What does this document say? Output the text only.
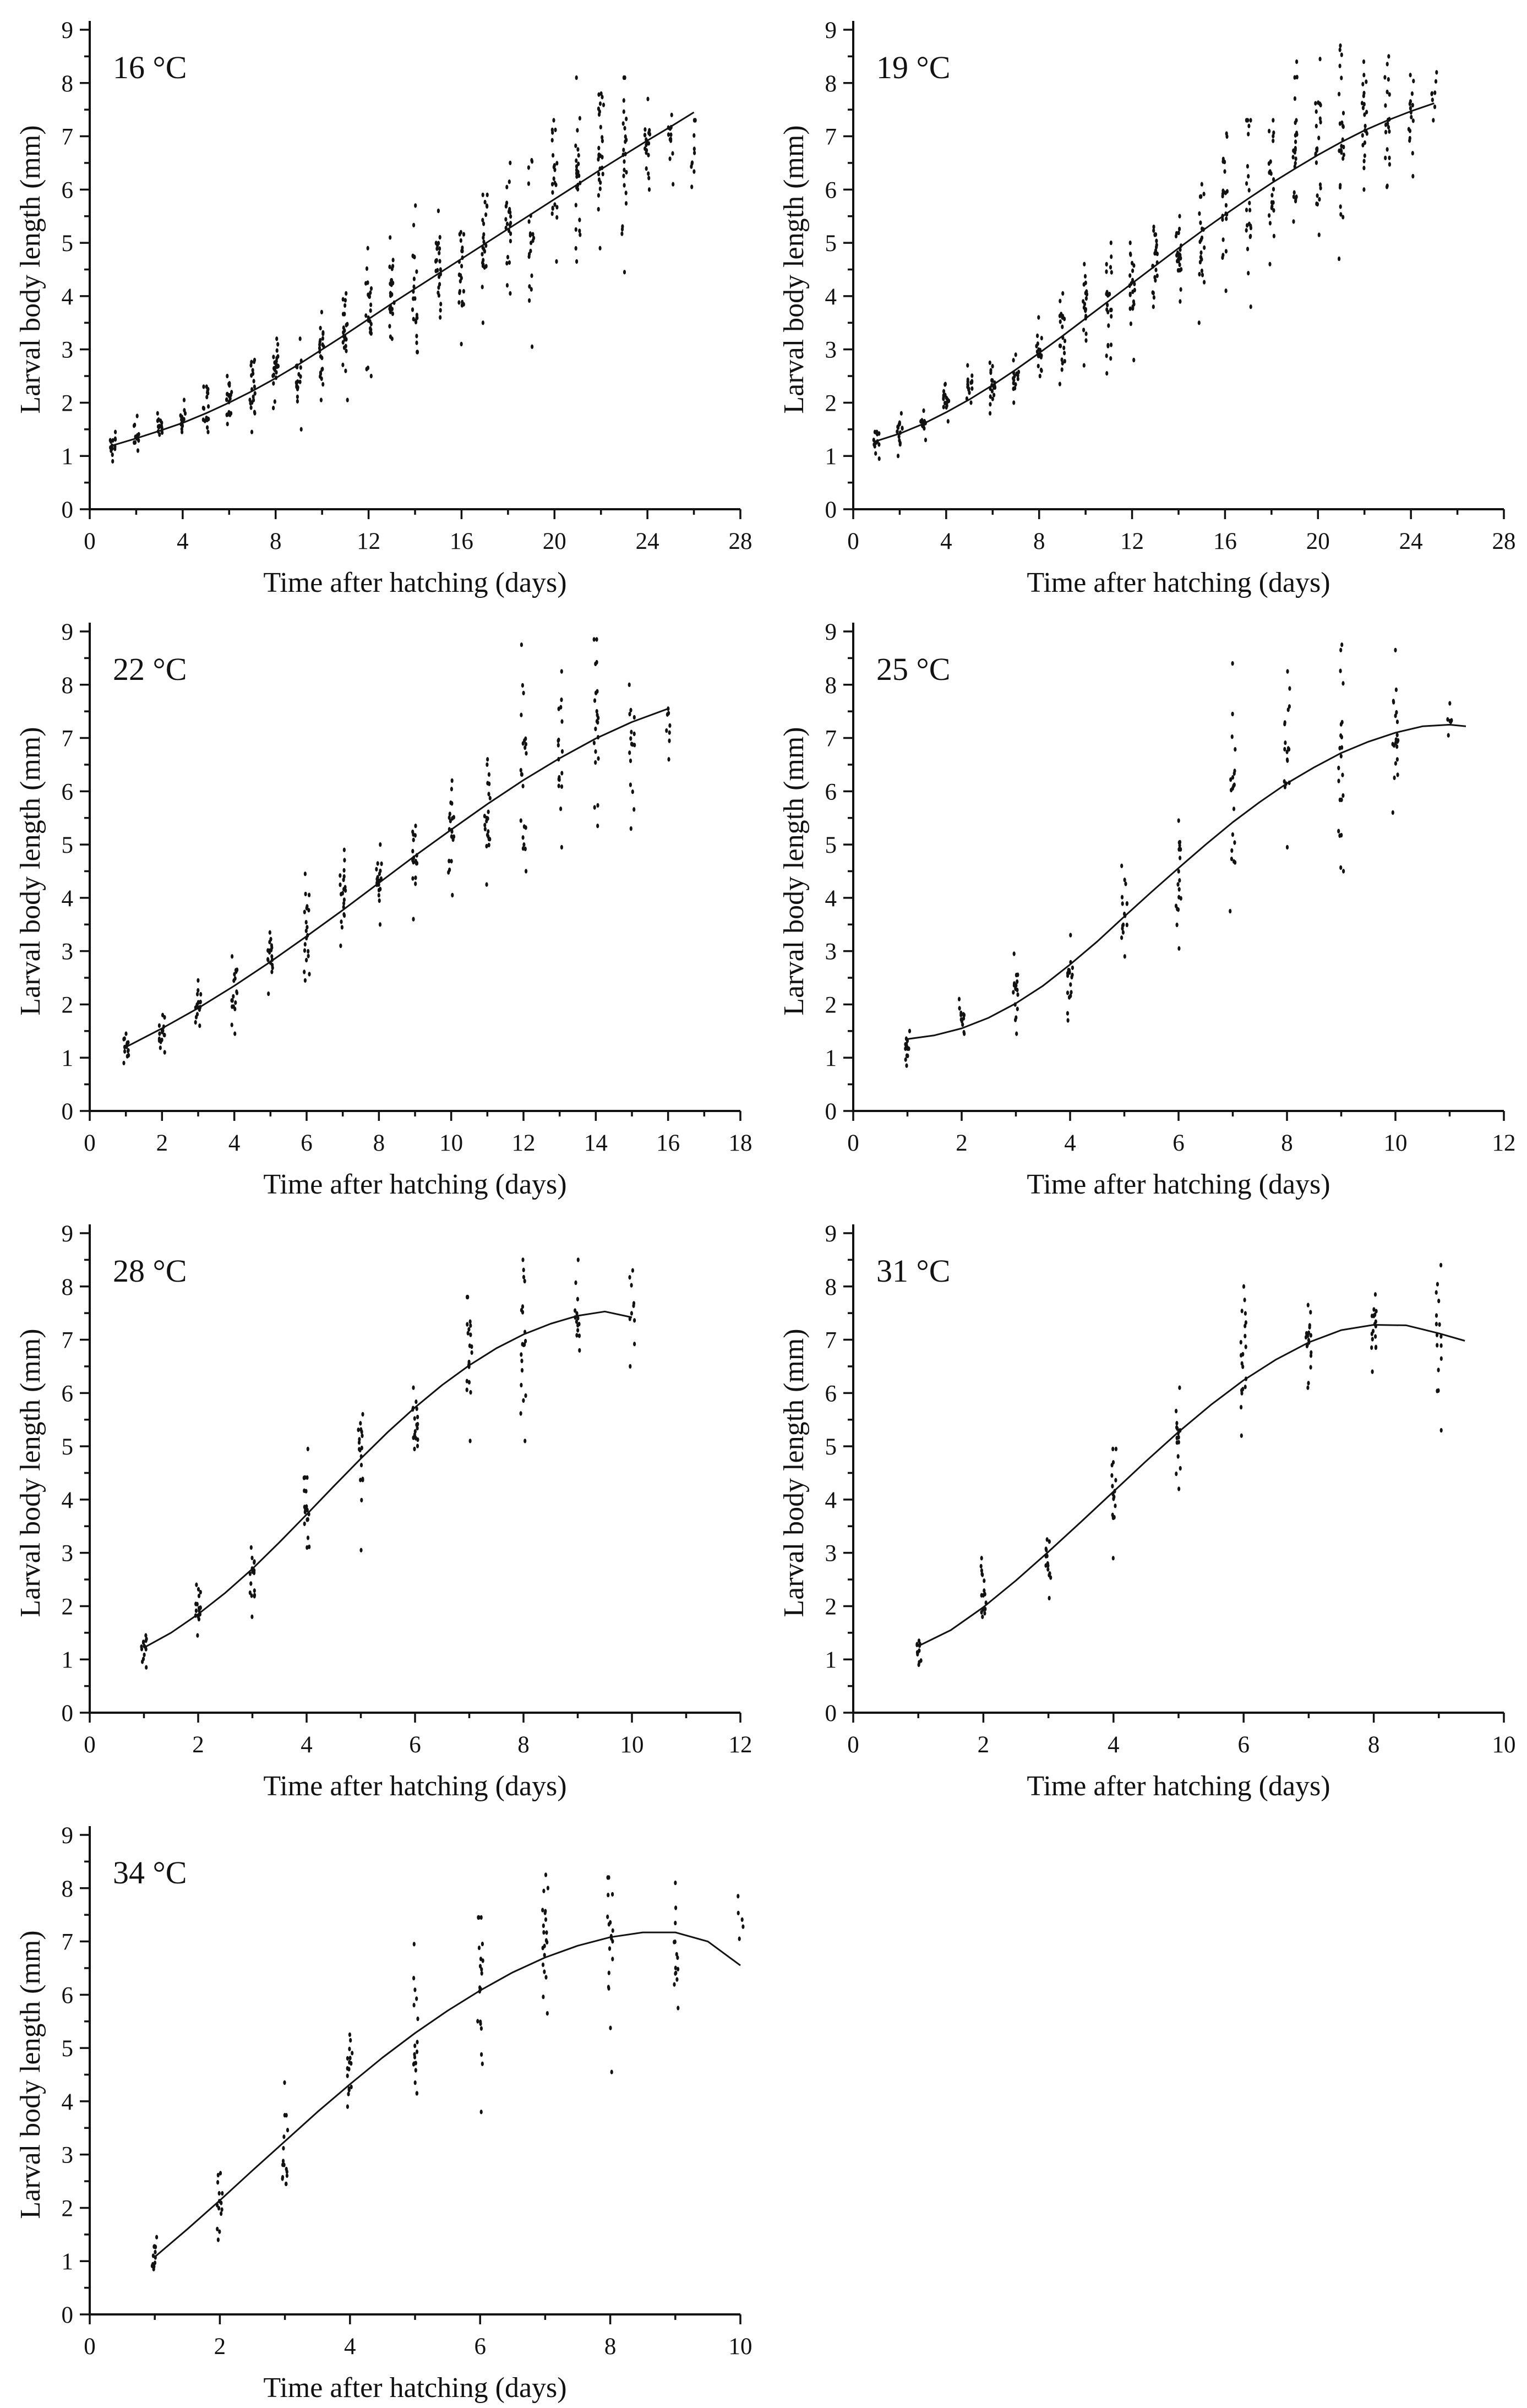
0	4	8	12	16	20	24	28
0
1
2
3
4
5
6
7
8
9
Time after hatching (days)
Larval body length (mm)
16 °C
0	4	8	12	16	20	24	28
0
1
2
3
4
5
6
7
8
9
Time after hatching (days)
Larval body length (mm)
19 °C
0	2	4	6	8 10 12 14 16 18
0
1
2
3
4
5
6
7
8
9
Time after hatching (days)
Larval body length (mm)
22 °C
0	2	4	6	8	10	12
0
1
2
3
4
5
6
7
8
9
Time after hatching (days)
Larval body length (mm)
25 °C
0	2	4	6	8	10	12
0
1
2
3
4
5
6
7
8
9
Time after hatching (days)
Larval body length (mm)
28 °C
0	2	4	6	8	10
0
1
2
3
4
5
6
7
8
9
Time after hatching (days)
Larval body length (mm)
31 °C
0	2	4	6	8	10
0
1
2
3
4
5
6
7
8
9
Time after hatching (days)
Larval body length (mm)
34 °C
